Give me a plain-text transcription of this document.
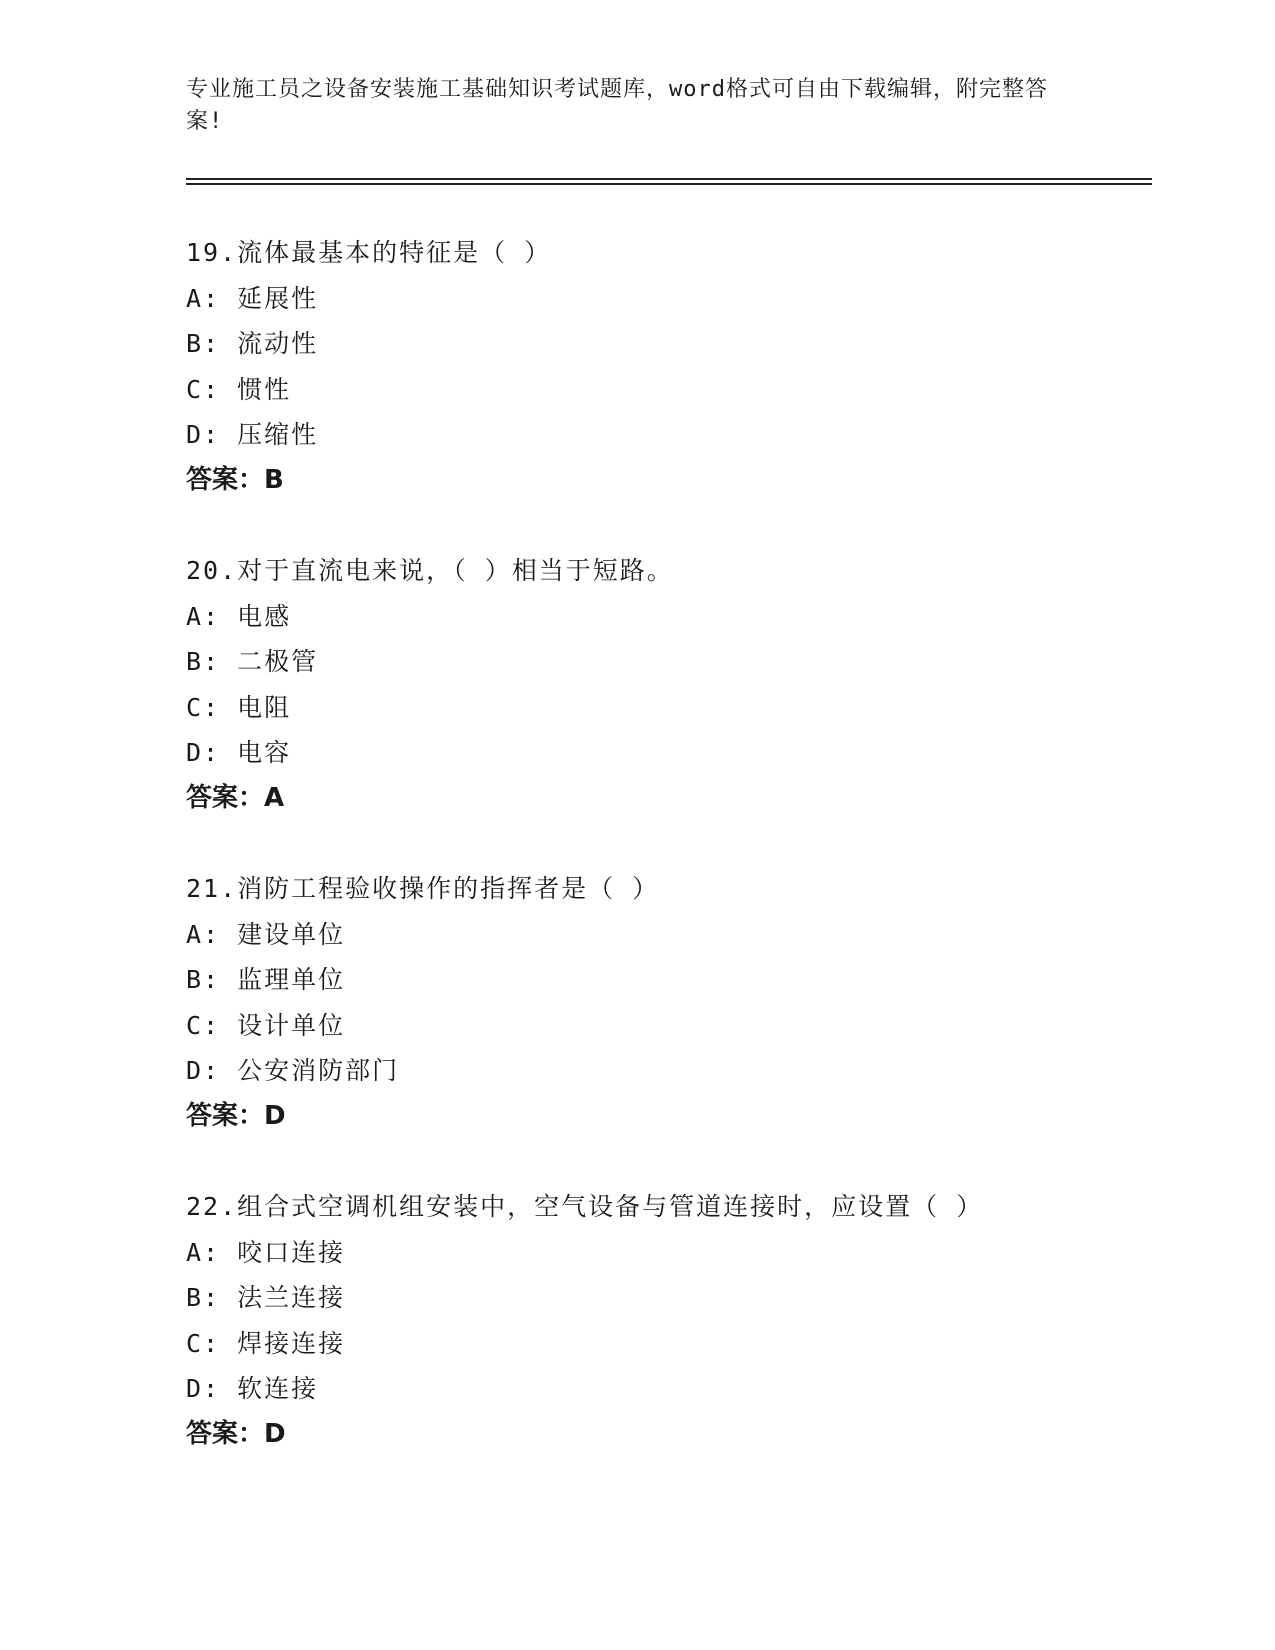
专业施工员之设备安装施工基础知识考试题库，word格式可自由下载编辑，附完整答案!
19.流体最基本的特征是（ ）
A: 延展性
B: 流动性
C: 惯性
D: 压缩性
答案：B
20.对于直流电来说，（ ）相当于短路。
A: 电感
B: 二极管
C: 电阻
D: 电容
答案：A
21.消防工程验收操作的指挥者是（ ）
A: 建设单位
B: 监理单位
C: 设计单位
D: 公安消防部门
答案：D
22.组合式空调机组安装中，空气设备与管道连接时，应设置（ ）
A: 咬口连接
B: 法兰连接
C: 焊接连接
D: 软连接
答案：D
